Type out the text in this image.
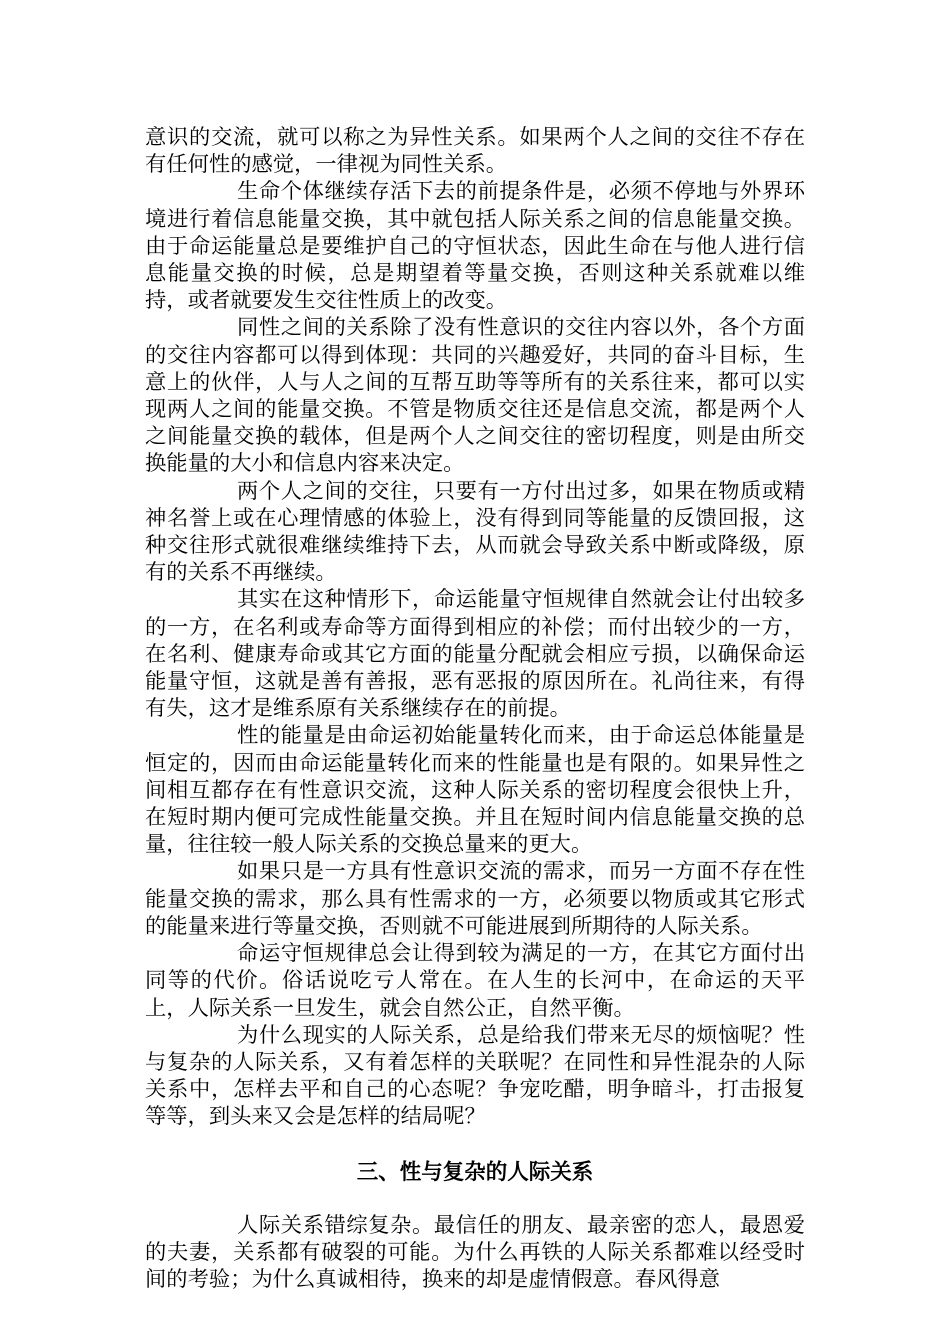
意识的交流，就可以称之为异性关系。如果两个人之间的交往不存在有任何性的感觉，一律视为同性关系。

生命个体继续存活下去的前提条件是，必须不停地与外界环境进行着信息能量交换，其中就包括人际关系之间的信息能量交换。由于命运能量总是要维护自己的守恒状态，因此生命在与他人进行信息能量交换的时候，总是期望着等量交换，否则这种关系就难以维持，或者就要发生交往性质上的改变。

同性之间的关系除了没有性意识的交往内容以外，各个方面的交往内容都可以得到体现：共同的兴趣爱好，共同的奋斗目标，生意上的伙伴，人与人之间的互帮互助等等所有的关系往来，都可以实现两人之间的能量交换。不管是物质交往还是信息交流，都是两个人之间能量交换的载体，但是两个人之间交往的密切程度，则是由所交换能量的大小和信息内容来决定。

两个人之间的交往，只要有一方付出过多，如果在物质或精神名誉上或在心理情感的体验上，没有得到同等能量的反馈回报，这种交往形式就很难继续维持下去，从而就会导致关系中断或降级，原有的关系不再继续。

其实在这种情形下，命运能量守恒规律自然就会让付出较多的一方，在名利或寿命等方面得到相应的补偿；而付出较少的一方，在名利、健康寿命或其它方面的能量分配就会相应亏损，以确保命运能量守恒，这就是善有善报，恶有恶报的原因所在。礼尚往来，有得有失，这才是维系原有关系继续存在的前提。

性的能量是由命运初始能量转化而来，由于命运总体能量是恒定的，因而由命运能量转化而来的性能量也是有限的。如果异性之间相互都存在有性意识交流，这种人际关系的密切程度会很快上升，在短时期内便可完成性能量交换。并且在短时间内信息能量交换的总量，往往较一般人际关系的交换总量来的更大。

如果只是一方具有性意识交流的需求，而另一方面不存在性能量交换的需求，那么具有性需求的一方，必须要以物质或其它形式的能量来进行等量交换，否则就不可能进展到所期待的人际关系。

命运守恒规律总会让得到较为满足的一方，在其它方面付出同等的代价。俗话说吃亏人常在。在人生的长河中，在命运的天平上，人际关系一旦发生，就会自然公正，自然平衡。

为什么现实的人际关系，总是给我们带来无尽的烦恼呢？性与复杂的人际关系，又有着怎样的关联呢？在同性和异性混杂的人际关系中，怎样去平和自己的心态呢？争宠吃醋，明争暗斗，打击报复等等，到头来又会是怎样的结局呢？

三、性与复杂的人际关系

人际关系错综复杂。最信任的朋友、最亲密的恋人，最恩爱的夫妻，关系都有破裂的可能。为什么再铁的人际关系都难以经受时间的考验；为什么真诚相待，换来的却是虚情假意。春风得意
